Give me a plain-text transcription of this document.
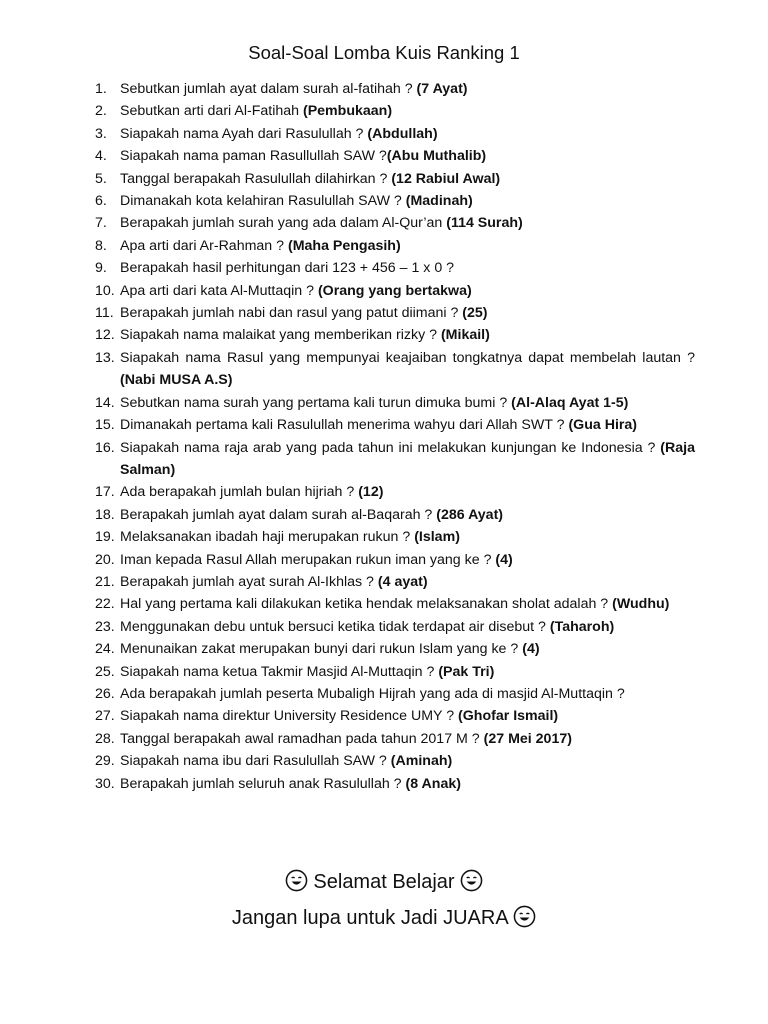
Soal-Soal Lomba Kuis Ranking 1
1. Sebutkan jumlah ayat dalam surah al-fatihah ? (7 Ayat)
2. Sebutkan arti dari Al-Fatihah (Pembukaan)
3. Siapakah nama Ayah dari Rasulullah ? (Abdullah)
4. Siapakah nama paman Rasullullah SAW ?(Abu Muthalib)
5. Tanggal berapakah Rasulullah dilahirkan ? (12 Rabiul Awal)
6. Dimanakah kota kelahiran Rasulullah SAW ? (Madinah)
7. Berapakah jumlah surah yang ada dalam Al-Qur’an (114 Surah)
8. Apa arti dari Ar-Rahman ? (Maha Pengasih)
9. Berapakah hasil perhitungan dari 123 + 456 – 1 x 0 ?
10. Apa arti dari kata Al-Muttaqin ? (Orang yang bertakwa)
11. Berapakah jumlah nabi dan rasul yang patut diimani ? (25)
12. Siapakah nama malaikat yang memberikan rizky ? (Mikail)
13. Siapakah nama Rasul yang mempunyai keajaiban tongkatnya dapat membelah lautan ? (Nabi MUSA A.S)
14. Sebutkan nama surah yang pertama kali turun dimuka bumi ? (Al-Alaq Ayat 1-5)
15. Dimanakah pertama kali Rasulullah menerima wahyu dari Allah SWT ? (Gua Hira)
16. Siapakah nama raja arab yang pada tahun ini melakukan kunjungan ke Indonesia ? (Raja Salman)
17. Ada berapakah jumlah bulan hijriah ? (12)
18. Berapakah jumlah ayat dalam surah al-Baqarah ? (286 Ayat)
19. Melaksanakan ibadah haji merupakan rukun ? (Islam)
20. Iman kepada Rasul Allah merupakan rukun iman yang ke ? (4)
21. Berapakah jumlah ayat surah Al-Ikhlas ? (4 ayat)
22. Hal yang pertama kali dilakukan ketika hendak melaksanakan sholat adalah ? (Wudhu)
23. Menggunakan debu untuk bersuci ketika tidak terdapat air disebut ? (Taharoh)
24. Menunaikan zakat merupakan bunyi dari rukun Islam yang ke ? (4)
25. Siapakah nama ketua Takmir Masjid Al-Muttaqin ? (Pak Tri)
26. Ada berapakah jumlah peserta Mubaligh Hijrah yang ada di masjid Al-Muttaqin ?
27. Siapakah nama direktur University Residence UMY ? (Ghofar Ismail)
28. Tanggal berapakah awal ramadhan pada tahun 2017 M ? (27 Mei 2017)
29. Siapakah nama ibu dari Rasulullah SAW ? (Aminah)
30. Berapakah jumlah seluruh anak Rasulullah ? (8 Anak)
Selamat Belajar
Jangan lupa untuk Jadi JUARA
